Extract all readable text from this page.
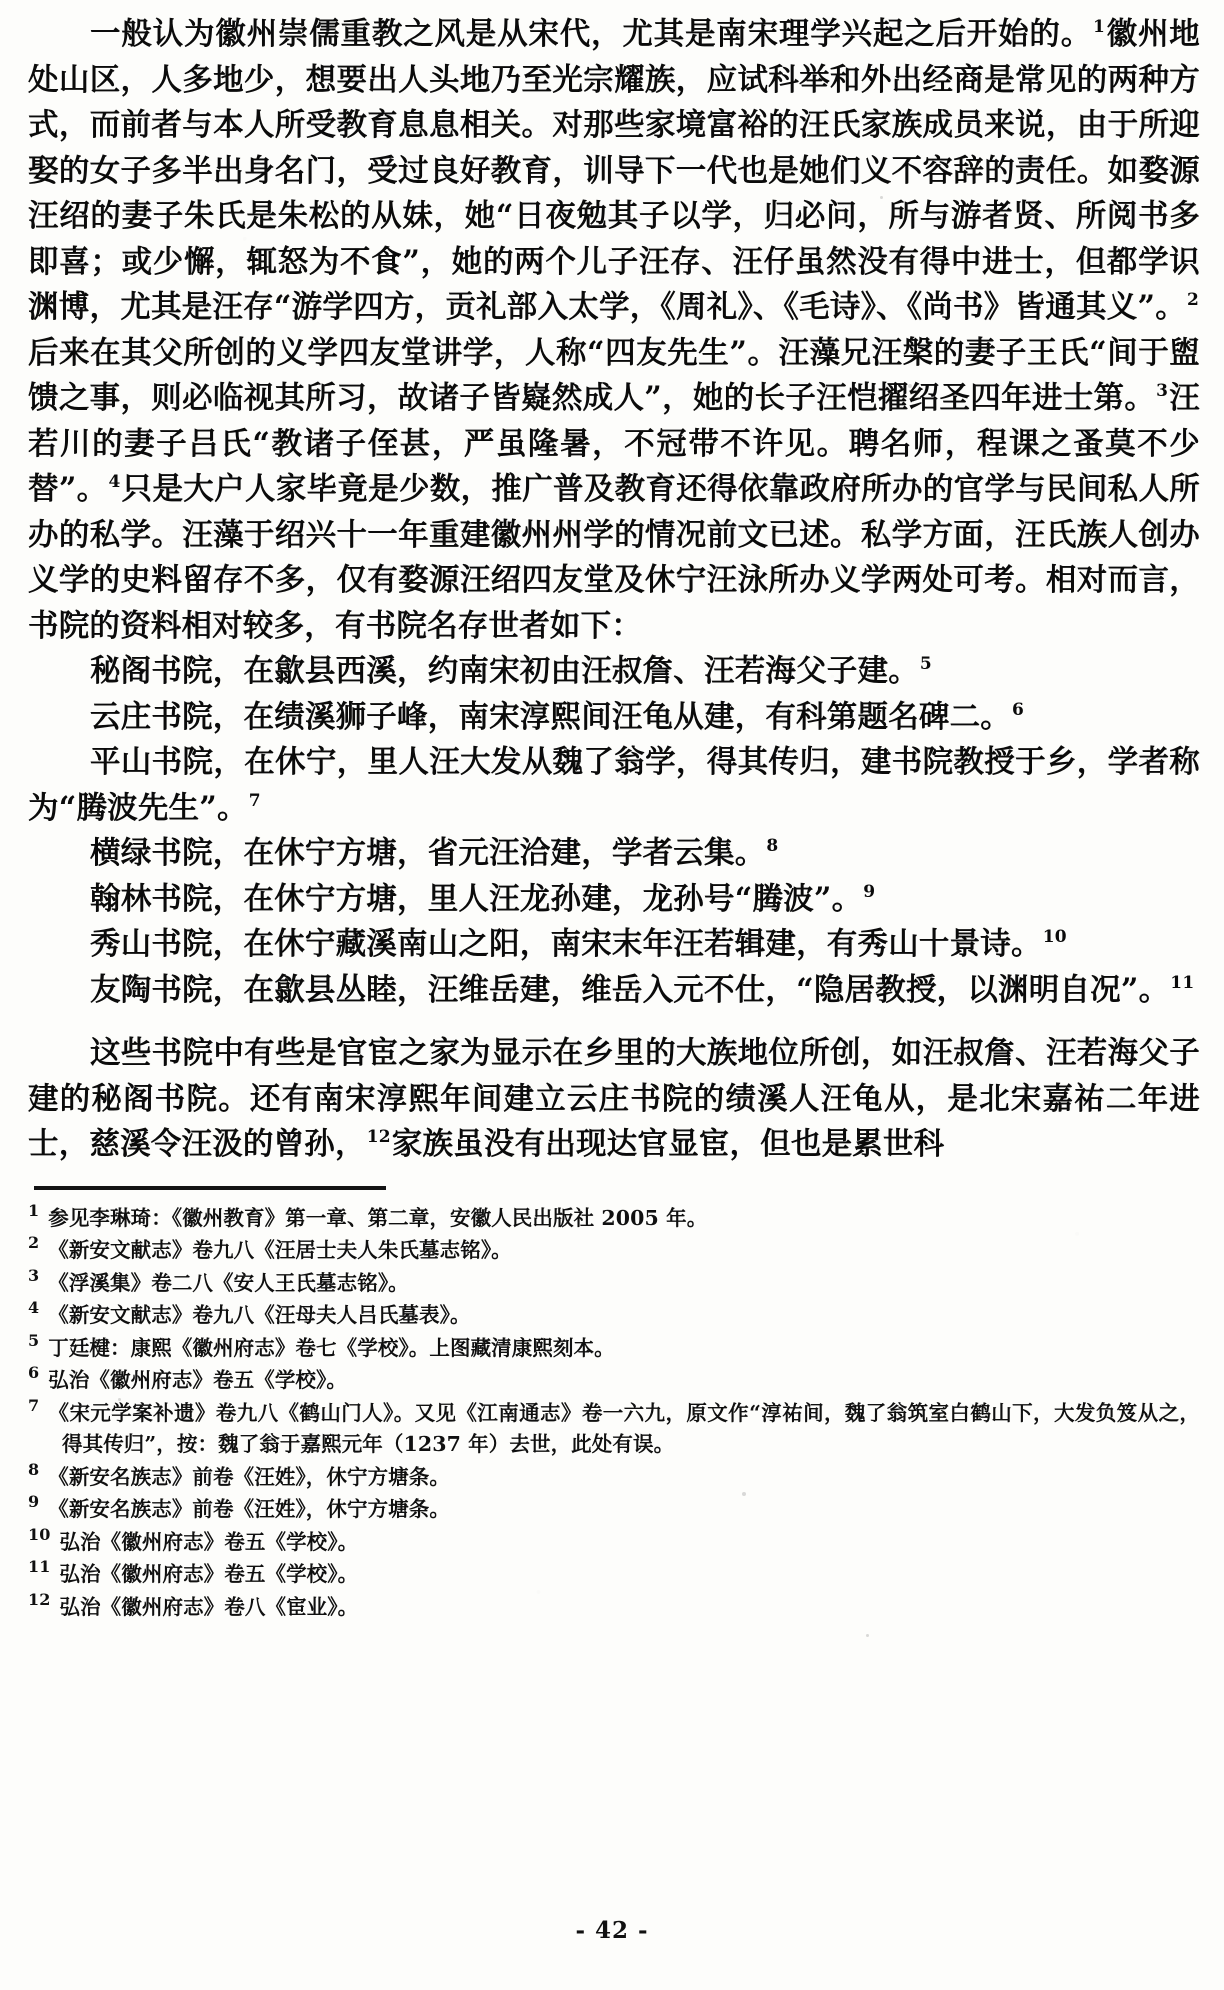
一般认为徽州崇儒重教之风是从宋代，尤其是南宋理学兴起之后开始的。$^1$徽州地处山区，人多地少，想要出人头地乃至光宗耀族，应试科举和外出经商是常见的两种方式，而前者与本人所受教育息息相关。对那些家境富裕的汪氏家族成员来说，由于所迎娶的女子多半出身名门，受过良好教育，训导下一代也是她们义不容辞的责任。如婺源汪绍的妻子朱氏是朱松的从妹，她“日夜勉其子以学，归必问，所与游者贤、所阅书多即喜；或少懈，辄怒为不食”，她的两个儿子汪存、汪仔虽然没有得中进士，但都学识渊博，尤其是汪存“游学四方，贡礼部入太学，《周礼》、《毛诗》、《尚书》皆通其义”。$^2$后来在其父所创的义学四友堂讲学，人称“四友先生”。汪藻兄汪槃的妻子王氏“间于盥馈之事，则必临视其所习，故诸子皆嶷然成人”，她的长子汪恺擢绍圣四年进士第。$^3$汪若川的妻子吕氏“教诸子侄甚，严虽隆暑，不冠带不许见。聘名师，程课之蚤莫不少替”。$^4$只是大户人家毕竟是少数，推广普及教育还得依靠政府所办的官学与民间私人所办的私学。汪藻于绍兴十一年重建徽州州学的情况前文已述。私学方面，汪氏族人创办义学的史料留存不多，仅有婺源汪绍四友堂及休宁汪泳所办义学两处可考。相对而言，书院的资料相对较多，有书院名存世者如下：

秘阁书院，在歙县西溪，约南宋初由汪叔詹、汪若海父子建。$^5$
云庄书院，在绩溪狮子峰，南宋淳熙间汪龟从建，有科第题名碑二。$^6$
平山书院，在休宁，里人汪大发从魏了翁学，得其传归，建书院教授于乡，学者称为“腾波先生”。$^7$
横绿书院，在休宁方塘，省元汪洽建，学者云集。$^8$
翰林书院，在休宁方塘，里人汪龙孙建，龙孙号“腾波”。$^9$
秀山书院，在休宁藏溪南山之阳，南宋末年汪若辑建，有秀山十景诗。$^{10}$
友陶书院，在歙县丛睦，汪维岳建，维岳入元不仕，“隐居教授，以渊明自况”。$^{11}$

这些书院中有些是官宦之家为显示在乡里的大族地位所创，如汪叔詹、汪若海父子建的秘阁书院。还有南宋淳熙年间建立云庄书院的绩溪人汪龟从，是北宋嘉祐二年进士，慈溪令汪汲的曾孙，$^{12}$家族虽没有出现达官显宦，但也是累世科

$^1$ 参见李琳琦：《徽州教育》第一章、第二章，安徽人民出版社 2005 年。
$^2$ 《新安文献志》卷九八《汪居士夫人朱氏墓志铭》。
$^3$ 《浮溪集》卷二八《安人王氏墓志铭》。
$^4$ 《新安文献志》卷九八《汪母夫人吕氏墓表》。
$^5$ 丁廷楗：康熙《徽州府志》卷七《学校》。上图藏清康熙刻本。
$^6$ 弘治《徽州府志》卷五《学校》。
$^7$ 《宋元学案补遗》卷九八《鹤山门人》。又见《江南通志》卷一六九，原文作“淳祐间，魏了翁筑室白鹤山下，大发负笈从之，得其传归”，按：魏了翁于嘉熙元年（1237 年）去世，此处有误。
$^8$ 《新安名族志》前卷《汪姓》，休宁方塘条。
$^9$ 《新安名族志》前卷《汪姓》，休宁方塘条。
$^{10}$ 弘治《徽州府志》卷五《学校》。
$^{11}$ 弘治《徽州府志》卷五《学校》。
$^{12}$ 弘治《徽州府志》卷八《宦业》。
- 42 -
